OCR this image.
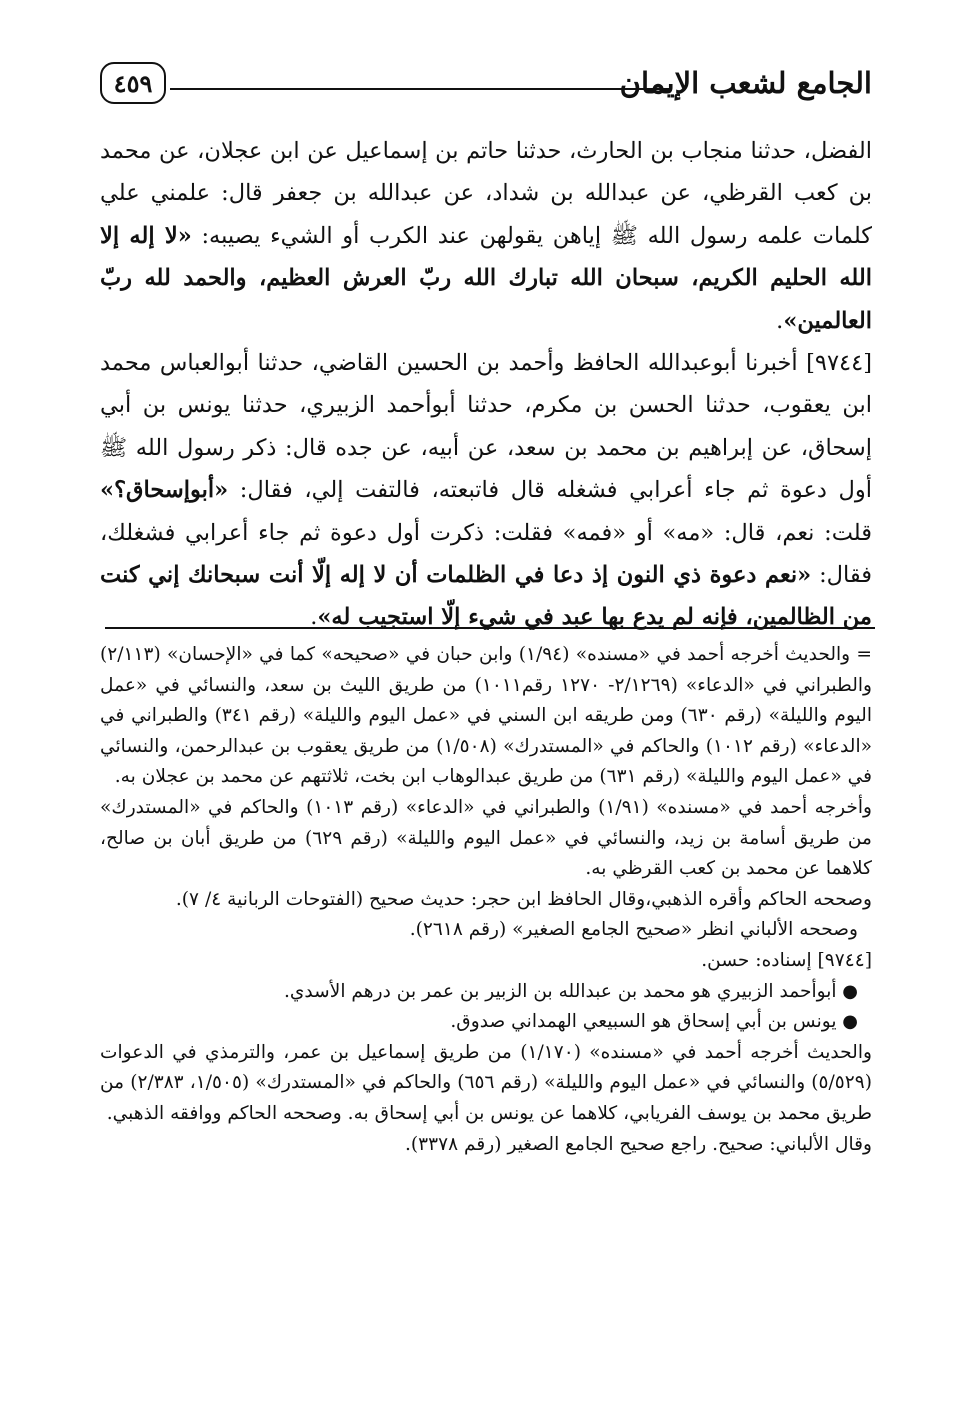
الجامع لشعب الإيمان
٤٥٩

الفضل، حدثنا منجاب بن الحارث، حدثنا حاتم بن إسماعيل عن ابن عجلان، عن محمد بن كعب القرظي، عن عبدالله بن شداد، عن عبدالله بن جعفر قال: علمني علي كلمات علمه رسول الله ﷺ إياهن يقولهن عند الكرب أو الشيء يصيبه: «لا إله إلا الله الحليم الكريم، سبحان الله تبارك الله ربّ العرش العظيم، والحمد لله ربّ العالمين».

[٩٧٤٤] أخبرنا أبوعبدالله الحافظ وأحمد بن الحسين القاضي، حدثنا أبوالعباس محمد ابن يعقوب، حدثنا الحسن بن مكرم، حدثنا أبوأحمد الزبيري، حدثنا يونس بن أبي إسحاق، عن إبراهيم بن محمد بن سعد، عن أبيه، عن جده قال: ذكر رسول الله ﷺ أول دعوة ثم جاء أعرابي فشغله قال فاتبعته، فالتفت إلي، فقال: «أبوإسحاق؟» قلت: نعم، قال: «مه» أو «فمه» فقلت: ذكرت أول دعوة ثم جاء أعرابي فشغلك، فقال: «نعم دعوة ذي النون إذ دعا في الظلمات أن لا إله إلّا أنت سبحانك إني كنت من الظالمين، فإنه لم يدع بها عبد في شيء إلّا استجيب له».

= والحديث أخرجه أحمد في «مسنده» (١/٩٤) وابن حبان في «صحيحه» كما في «الإحسان» (٢/١١٣) والطبراني في «الدعاء» (٢/١٢٦٩- ١٢٧٠ رقم١٠١١) من طريق الليث بن سعد، والنسائي في «عمل اليوم والليلة» (رقم ٦٣٠) ومن طريقه ابن السني في «عمل اليوم والليلة» (رقم ٣٤١) والطبراني في «الدعاء» (رقم ١٠١٢) والحاكم في «المستدرك» (١/٥٠٨) من طريق يعقوب بن عبدالرحمن، والنسائي في «عمل اليوم والليلة» (رقم ٦٣١) من طريق عبدالوهاب ابن بخت، ثلاثتهم عن محمد بن عجلان به.

وأخرجه أحمد في «مسنده» (١/٩١) والطبراني في «الدعاء» (رقم ١٠١٣) والحاكم في «المستدرك» من طريق أسامة بن زيد، والنسائي في «عمل اليوم والليلة» (رقم ٦٢٩) من طريق أبان بن صالح، كلاهما عن محمد بن كعب القرظي به.

وصححه الحاكم وأقره الذهبي،وقال الحافظ ابن حجر: حديث صحيح (الفتوحات الربانية ٤/ ٧).

وصححه الألباني انظر «صحيح الجامع الصغير» (رقم ٢٦١٨).

[٩٧٤٤] إسناده: حسن.

● أبوأحمد الزبيري هو محمد بن عبدالله بن الزبير بن عمر بن درهم الأسدي.

● يونس بن أبي إسحاق هو السبيعي الهمداني صدوق.

والحديث أخرجه أحمد في «مسنده» (١/١٧٠) من طريق إسماعيل بن عمر، والترمذي في الدعوات (٥/٥٢٩) والنسائي في «عمل اليوم والليلة» (رقم ٦٥٦) والحاكم في «المستدرك» (١/٥٠٥، ٢/٣٨٣) من طريق محمد بن يوسف الفريابي، كلاهما عن يونس بن أبي إسحاق به. وصححه الحاكم ووافقه الذهبي.

وقال الألباني: صحيح. راجع صحيح الجامع الصغير (رقم ٣٣٧٨).
